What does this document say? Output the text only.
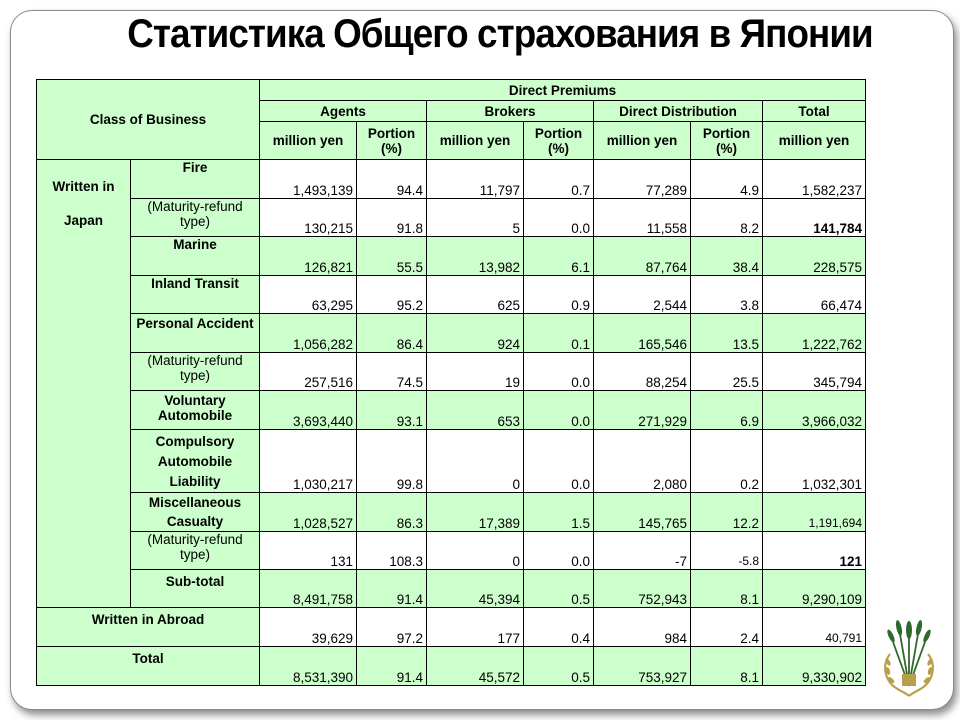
Статистика Общего страхования в Японии
Class of Business		Direct Premiums						
		Agents		Brokers		Direct Distribution		Total
		million yen	Portion (%)	million yen	Portion (%)	million yen	Portion (%)	million yen
Written in Japan	Fire	1,493,139	94.4	11,797	0.7	77,289	4.9	1,582,237
	(Maturity-refund type)	130,215	91.8	5	0.0	11,558	8.2	141,784
	Marine	126,821	55.5	13,982	6.1	87,764	38.4	228,575
	Inland Transit	63,295	95.2	625	0.9	2,544	3.8	66,474
	Personal Accident	1,056,282	86.4	924	0.1	165,546	13.5	1,222,762
	(Maturity-refund type)	257,516	74.5	19	0.0	88,254	25.5	345,794
	Voluntary Automobile	3,693,440	93.1	653	0.0	271,929	6.9	3,966,032
	Compulsory Automobile Liability	1,030,217	99.8	0	0.0	2,080	0.2	1,032,301
	Miscellaneous Casualty	1,028,527	86.3	17,389	1.5	145,765	12.2	1,191,694
	(Maturity-refund type)	131	108.3	0	0.0	-7	-5.8	121
	Sub-total	8,491,758	91.4	45,394	0.5	752,943	8.1	9,290,109
Written in Abroad		39,629	97.2	177	0.4	984	2.4	40,791
Total		8,531,390	91.4	45,572	0.5	753,927	8.1	9,330,902
